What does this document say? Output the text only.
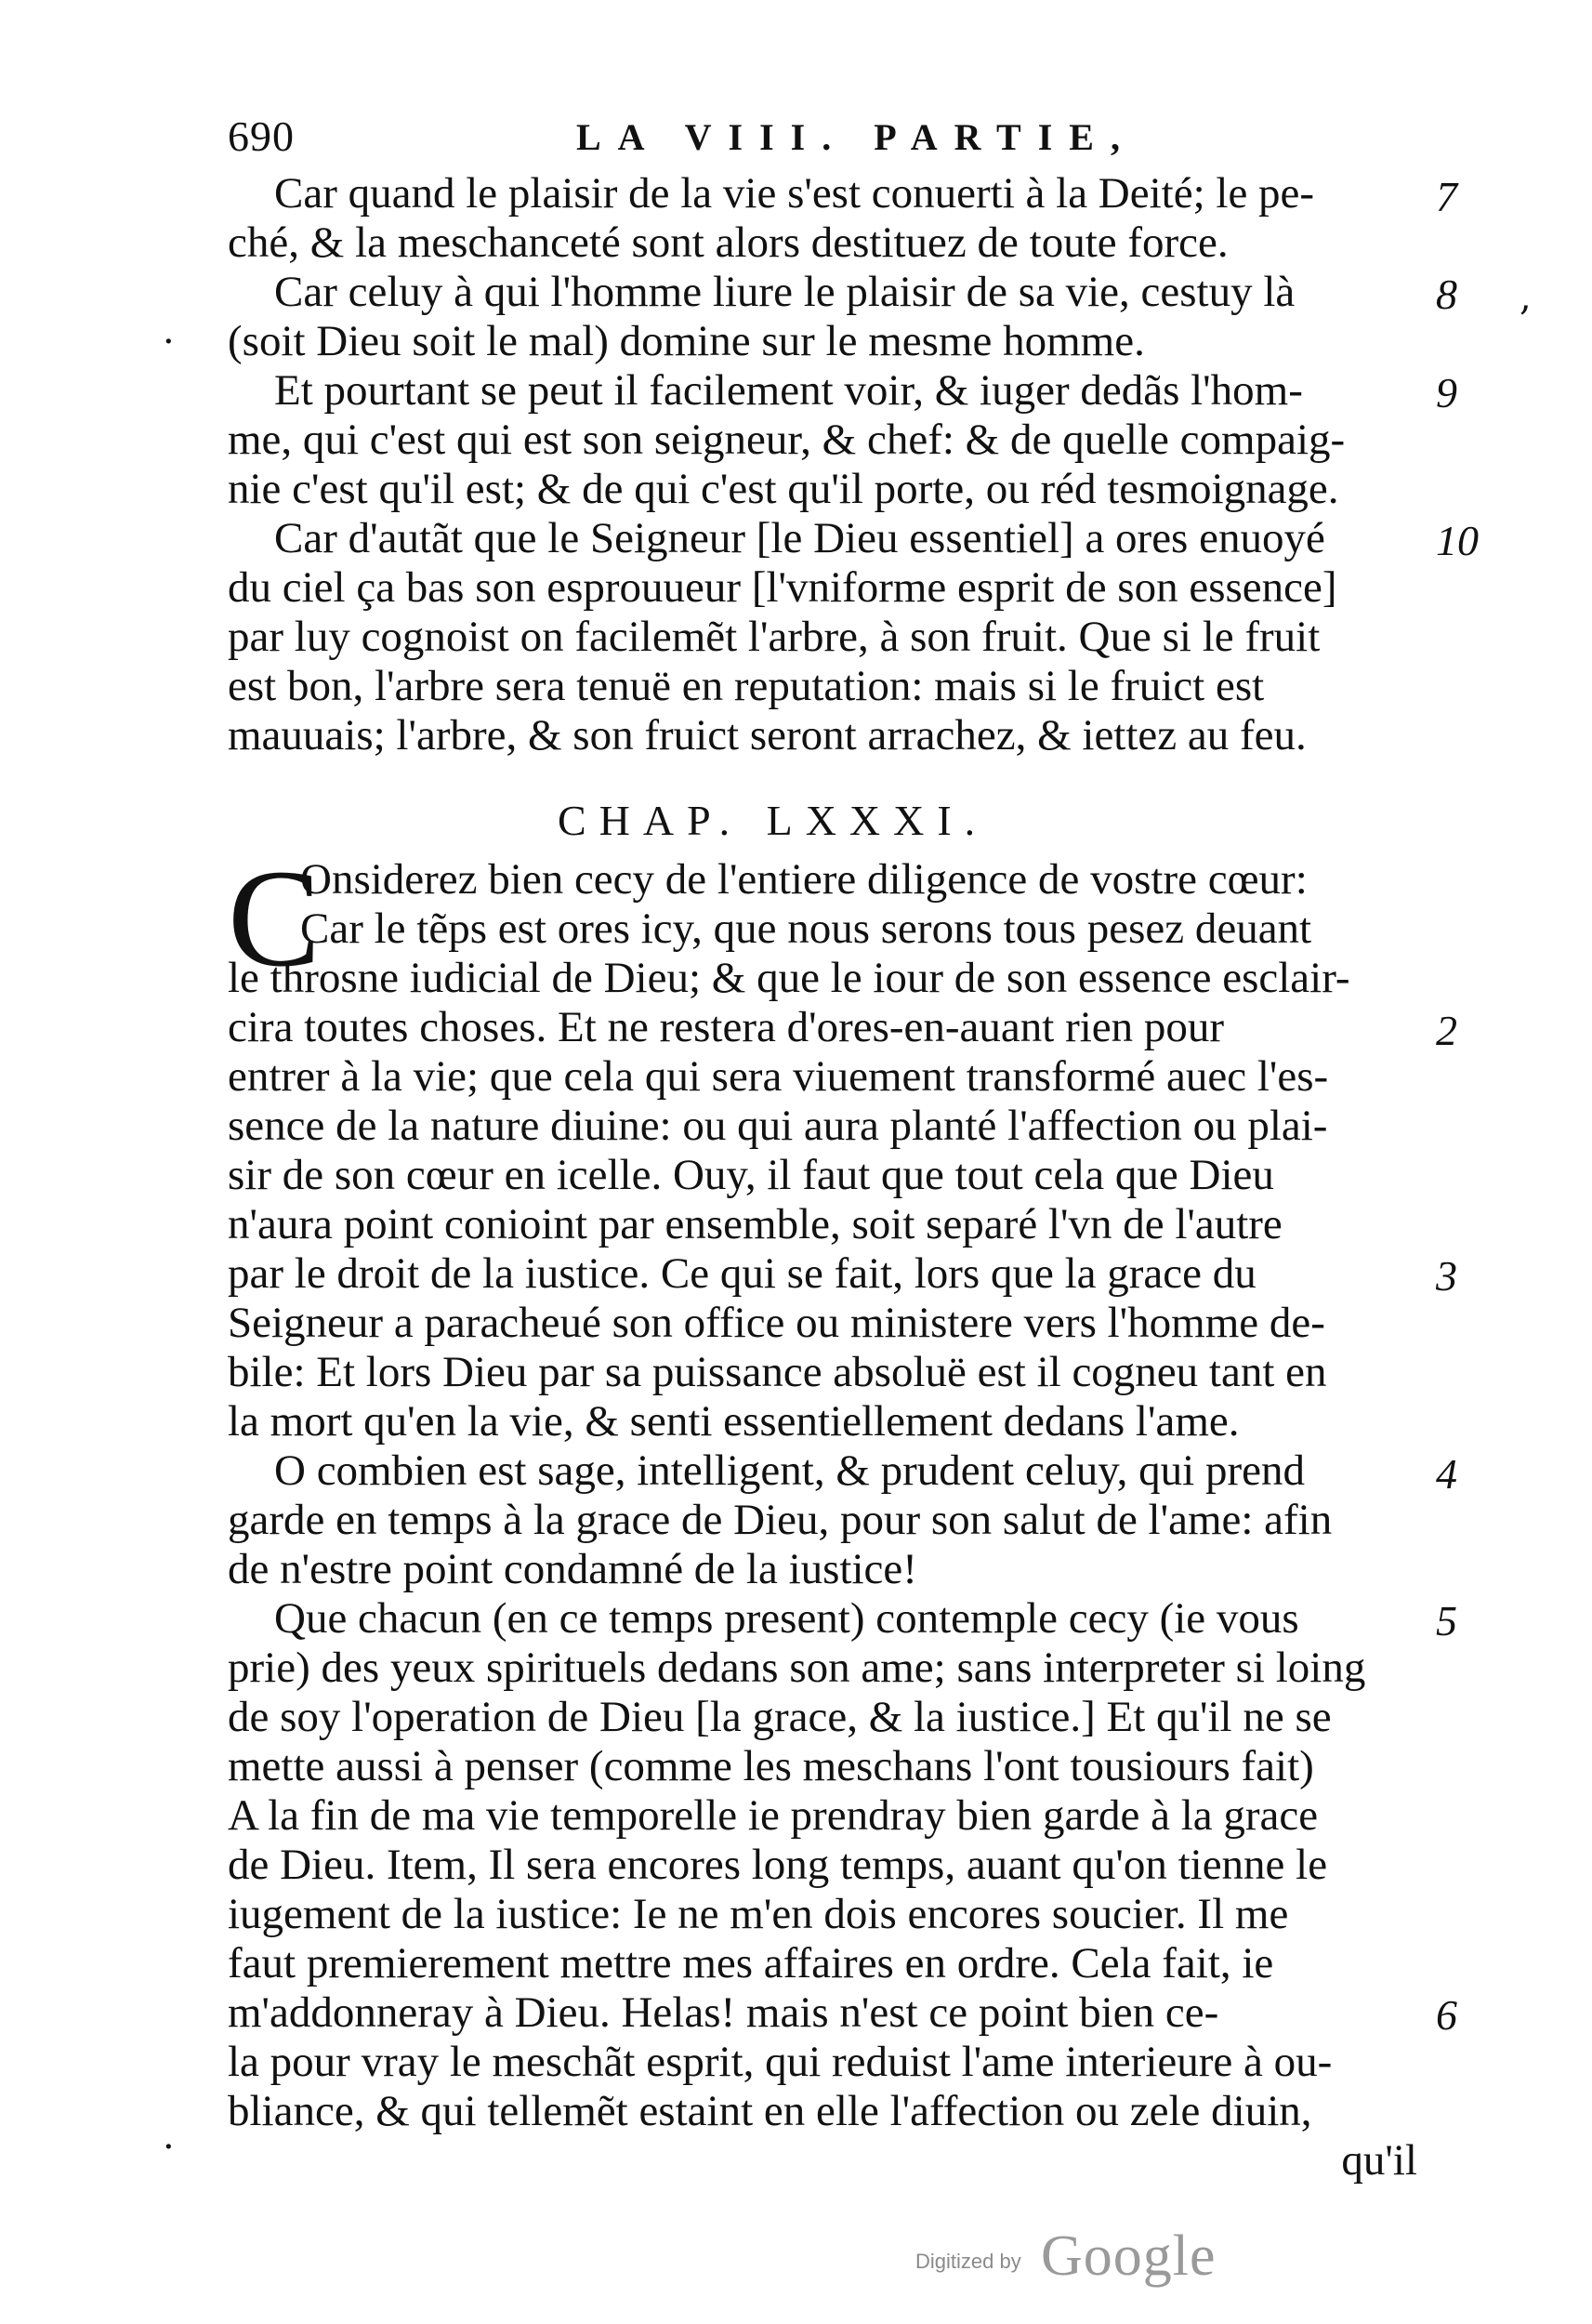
690	LA VIII. PARTIE,
Car quand le plaisir de la vie s'est conuerti à la Deité; le pe-
ché, & la meschanceté sont alors destituez de toute force.
Car celuy à qui l'homme liure le plaisir de sa vie, cestuy là
(soit Dieu soit le mal) domine sur le mesme homme.
Et pourtant se peut il facilement voir, & iuger dedãs l'hom-
me, qui c'est qui est son seigneur, & chef: & de quelle compaig-
nie c'est qu'il est; & de qui c'est qu'il porte, ou réd tesmoignage.
Car d'autãt que le Seigneur [le Dieu essentiel] a ores enuoyé
du ciel ça bas son esprouueur [l'vniforme esprit de son essence]
par luy cognoist on facilemẽt l'arbre, à son fruit. Que si le fruit
est bon, l'arbre sera tenuë en reputation: mais si le fruict est
mauuais; l'arbre, & son fruict seront arrachez, & iettez au feu.
7
8
9
10
·
,
CHAP. LXXXI.
C
Onsiderez bien cecy de l'entiere diligence de vostre cœur:
Car le tẽps est ores icy, que nous serons tous pesez deuant
le throsne iudicial de Dieu; & que le iour de son essence esclair-
cira toutes choses. Et ne restera d'ores-en-auant rien pour
entrer à la vie; que cela qui sera viuement transformé auec l'es-
sence de la nature diuine: ou qui aura planté l'affection ou plai-
sir de son cœur en icelle. Ouy, il faut que tout cela que Dieu
n'aura point conioint par ensemble, soit separé l'vn de l'autre
par le droit de la iustice. Ce qui se fait, lors que la grace du
Seigneur a paracheué son office ou ministere vers l'homme de-
bile: Et lors Dieu par sa puissance absoluë est il cogneu tant en
la mort qu'en la vie, & senti essentiellement dedans l'ame.
O combien est sage, intelligent, & prudent celuy, qui prend
garde en temps à la grace de Dieu, pour son salut de l'ame: afin
de n'estre point condamné de la iustice!
Que chacun (en ce temps present) contemple cecy (ie vous
prie) des yeux spirituels dedans son ame; sans interpreter si loing
de soy l'operation de Dieu [la grace, & la iustice.] Et qu'il ne se
mette aussi à penser (comme les meschans l'ont tousiours fait)
A la fin de ma vie temporelle ie prendray bien garde à la grace
de Dieu. Item, Il sera encores long temps, auant qu'on tienne le
iugement de la iustice: Ie ne m'en dois encores soucier. Il me
faut premierement mettre mes affaires en ordre. Cela fait, ie
m'addonneray à Dieu. Helas! mais n'est ce point bien ce-
la pour vray le meschãt esprit, qui reduist l'ame interieure à ou-
bliance, & qui tellemẽt estaint en elle l'affection ou zele diuin,
qu'il
2
3
4
5
6
·
Digitized by Google
